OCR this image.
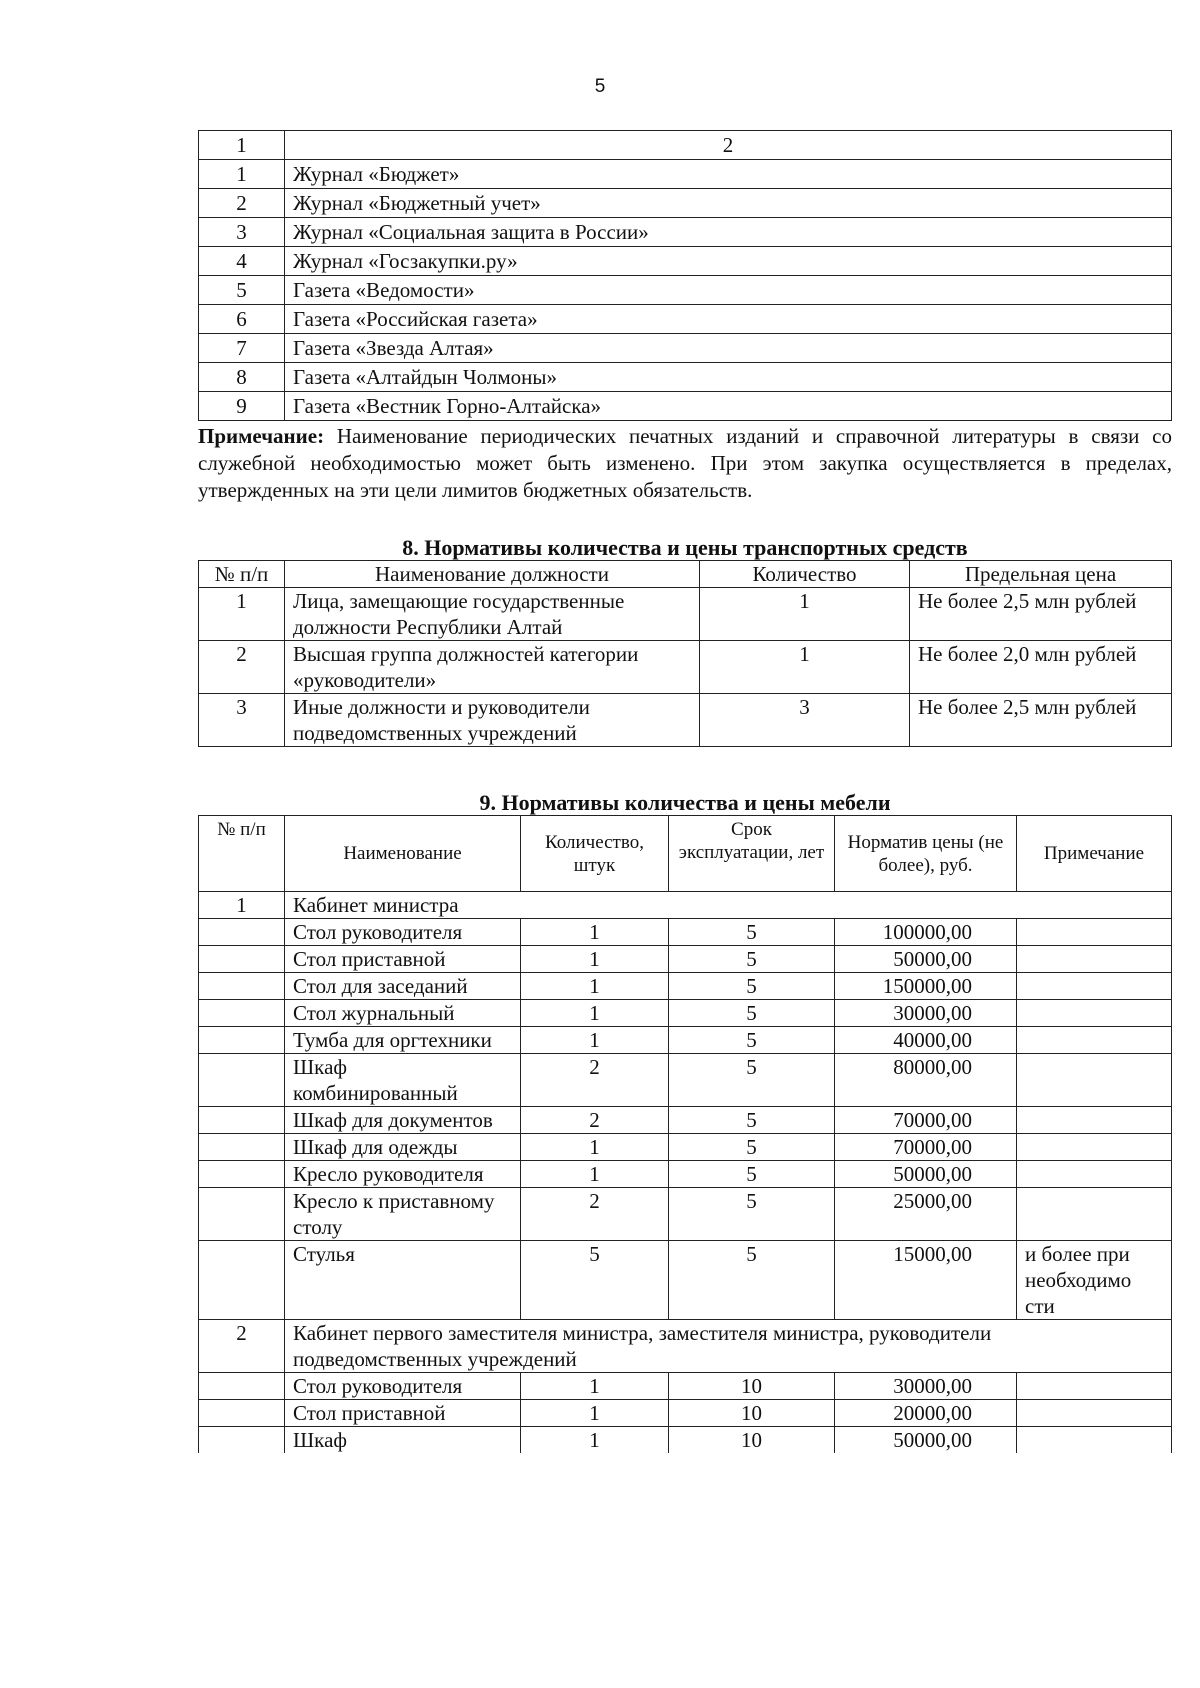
5
1	2
1	Журнал «Бюджет»
2	Журнал «Бюджетный учет»
3	Журнал «Социальная защита в России»
4	Журнал «Госзакупки.ру»
5	Газета «Ведомости»
6	Газета «Российская газета»
7	Газета «Звезда Алтая»
8	Газета «Алтайдын Чолмоны»
9	Газета «Вестник Горно-Алтайска»
Примечание: Наименование периодических печатных изданий и справочной литературы в связи со служебной необходимостью может быть изменено. При этом закупка осуществляется в пределах, утвержденных на эти цели лимитов бюджетных обязательств.
8. Нормативы количества и цены транспортных средств
№ п/п	Наименование должности	Количество	Предельная цена
1	Лица, замещающие государственные должности Республики Алтай	1	Не более 2,5 млн рублей
2	Высшая группа должностей категории «руководители»	1	Не более 2,0 млн рублей
3	Иные должности и руководители подведомственных учреждений	3	Не более 2,5 млн рублей
9. Нормативы количества и цены мебели
№ п/п	Наименование	Количество, штук	Срок эксплуатации, лет	Норматив цены (не более), руб.	Примечание
1	Кабинет министра				
	Стол руководителя	1	5	100000,00	
	Стол приставной	1	5	50000,00	
	Стол для заседаний	1	5	150000,00	
	Стол журнальный	1	5	30000,00	
	Тумба для оргтехники	1	5	40000,00	
	Шкаф комбинированный	2	5	80000,00	
	Шкаф для документов	2	5	70000,00	
	Шкаф для одежды	1	5	70000,00	
	Кресло руководителя	1	5	50000,00	
	Кресло к приставному столу	2	5	25000,00	
	Стулья	5	5	15000,00	и более при необходимо сти
2	Кабинет первого заместителя министра, заместителя министра, руководители подведомственных учреждений				
	Стол руководителя	1	10	30000,00	
	Стол приставной	1	10	20000,00	
	Шкаф	1	10	50000,00	
